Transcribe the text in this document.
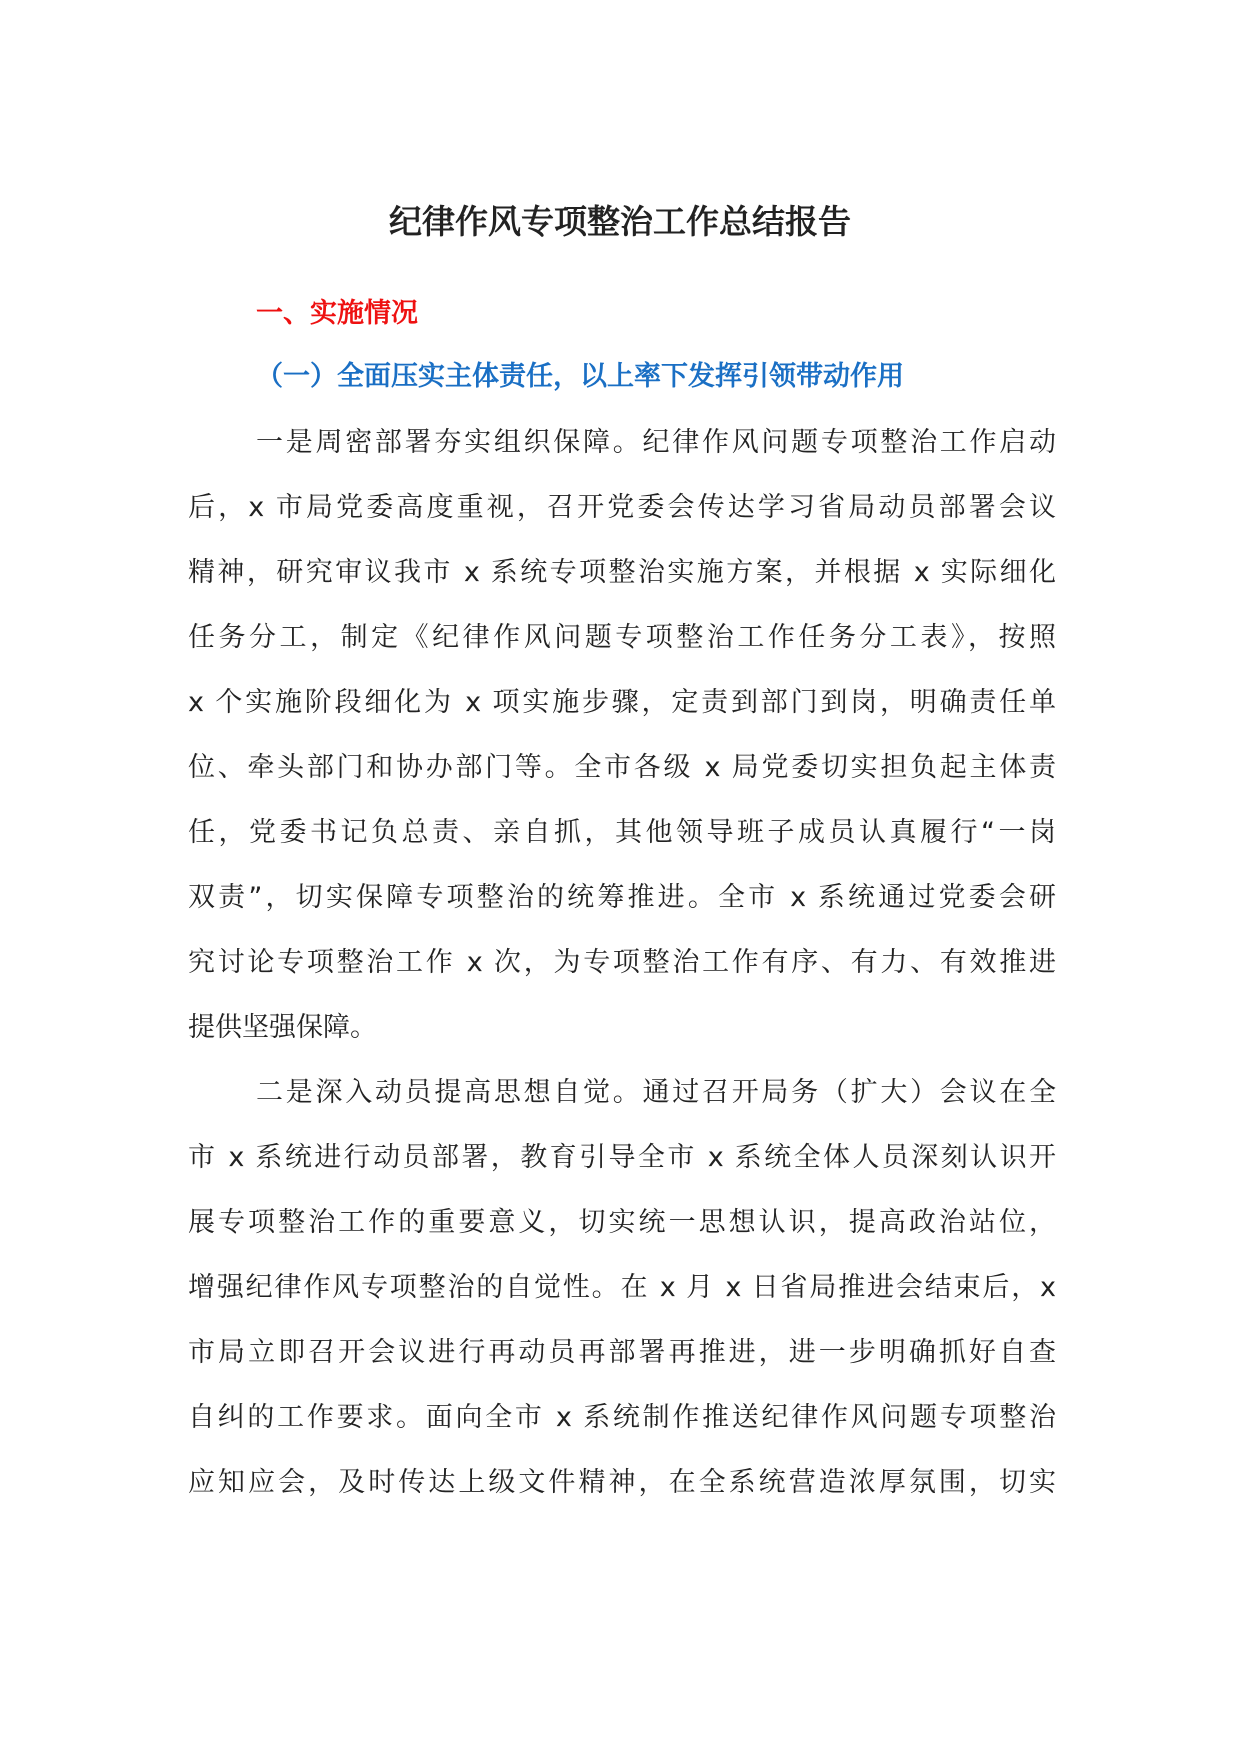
纪律作风专项整治工作总结报告
一、实施情况
（一）全面压实主体责任，以上率下发挥引领带动作用
一是周密部署夯实组织保障。纪律作风问题专项整治工作启动
后，x 市局党委高度重视，召开党委会传达学习省局动员部署会议
精神，研究审议我市 x 系统专项整治实施方案，并根据 x 实际细化
任务分工，制定《纪律作风问题专项整治工作任务分工表》，按照
x 个实施阶段细化为 x 项实施步骤，定责到部门到岗，明确责任单
位、牵头部门和协办部门等。全市各级 x 局党委切实担负起主体责
任，党委书记负总责、亲自抓，其他领导班子成员认真履行“一岗
双责”，切实保障专项整治的统筹推进。全市 x 系统通过党委会研
究讨论专项整治工作 x 次，为专项整治工作有序、有力、有效推进
提供坚强保障。
二是深入动员提高思想自觉。通过召开局务（扩大）会议在全
市 x 系统进行动员部署，教育引导全市 x 系统全体人员深刻认识开
展专项整治工作的重要意义，切实统一思想认识，提高政治站位，
增强纪律作风专项整治的自觉性。在 x 月 x 日省局推进会结束后，x
市局立即召开会议进行再动员再部署再推进，进一步明确抓好自查
自纠的工作要求。面向全市 x 系统制作推送纪律作风问题专项整治
应知应会，及时传达上级文件精神，在全系统营造浓厚氛围，切实
